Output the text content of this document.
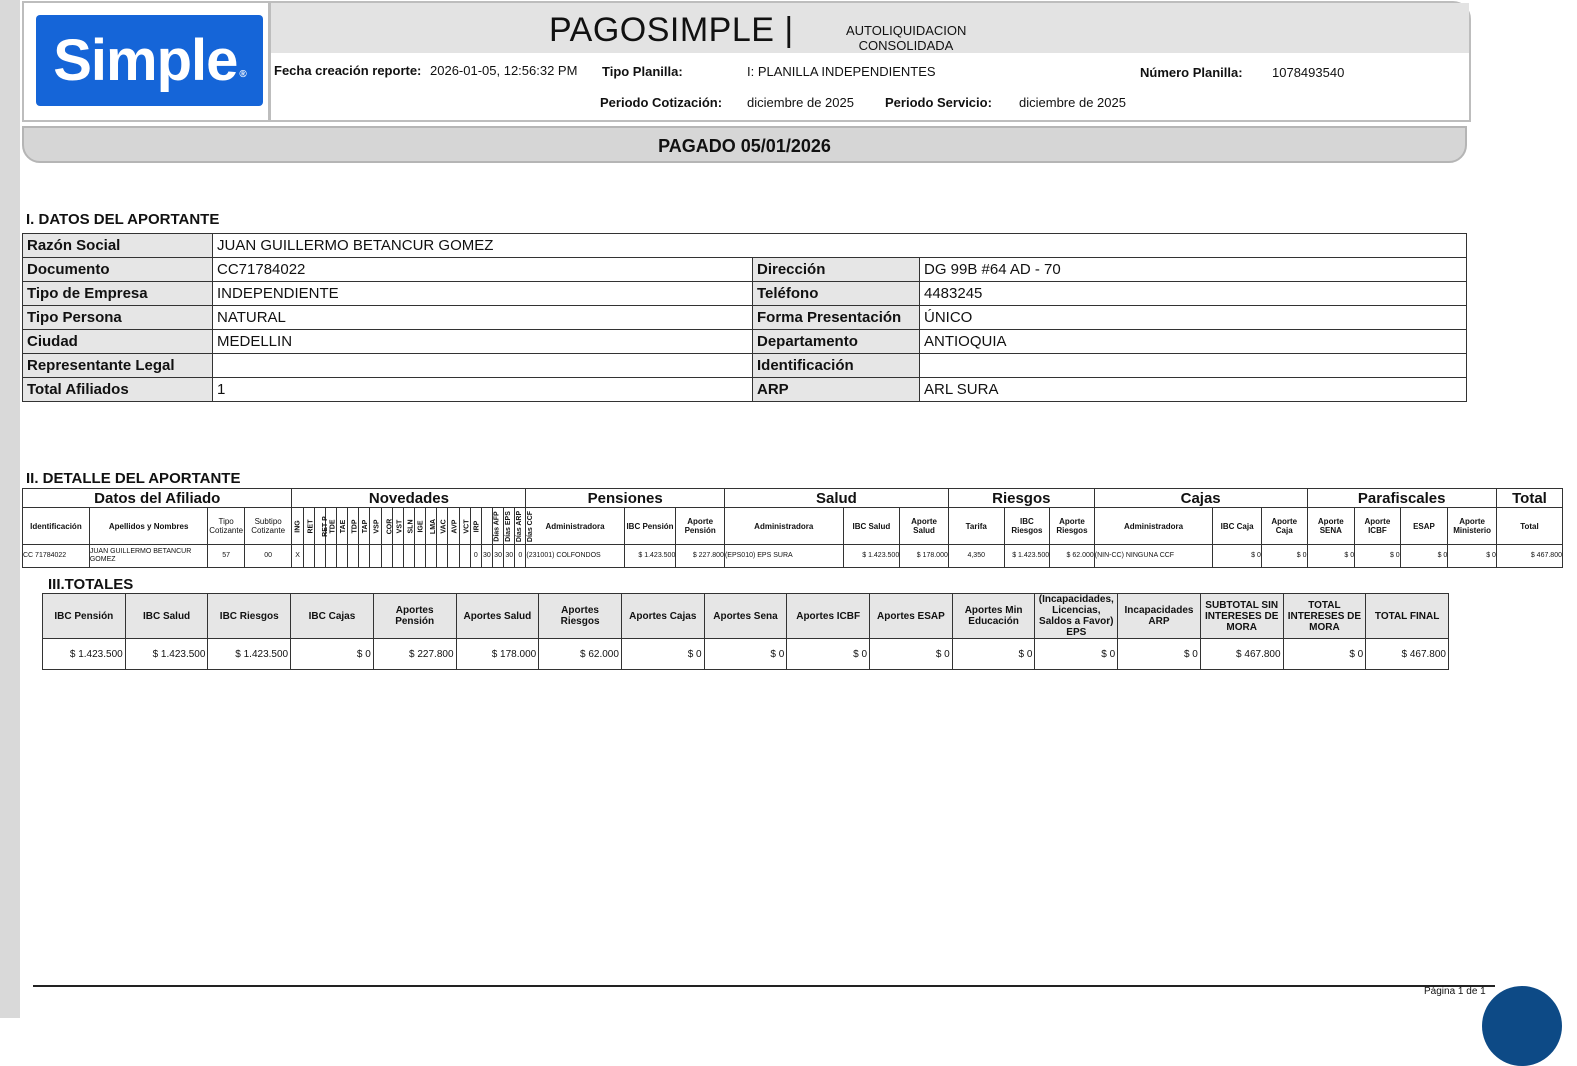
Simple ®
PAGOSIMPLE |	AUTOLIQUIDACION
CONSOLIDADA
Fecha creación reporte: 2026-01-05, 12:56:32 PM Tipo Planilla:	I: PLANILLA INDEPENDIENTES	Número Planilla: 1078493540
Periodo Cotización: diciembre de 2025 Periodo Servicio: diciembre de 2025
PAGADO 05/01/2026
I. DATOS DEL APORTANTE
Razón Social	JUAN GUILLERMO BETANCUR GOMEZ		
Documento	CC71784022	Dirección	DG 99B #64 AD - 70
Tipo de Empresa	INDEPENDIENTE	Teléfono	4483245
Tipo Persona	NATURAL	Forma Presentación	ÚNICO
Ciudad	MEDELLIN	Departamento	ANTIOQUIA
Representante Legal		Identificación	
Total Afiliados	1	ARP	ARL SURA
II. DETALLE DEL APORTANTE
Datos del Afiliado				Novedades																					Pensiones			Salud			Riesgos			Cajas			Parafiscales				Total
Identificación	Apellidos y Nombres	Tipo Cotizante	Subtipo Cotizante	ING	RET	RET P	TDE	TAE	TDP	TAP	VSP	COR	VST	SLN	IGE	LMA	VAC	AVP	VCT	IRP	Días AFP	Días EPS	Días ARP	Días CCF	Administradora	IBC Pensión	Aporte Pensión	Administradora	IBC Salud	Aporte Salud	Tarifa	IBC Riesgos	Aporte Riesgos	Administradora	IBC Caja	Aporte Caja	Aporte SENA	Aporte ICBF	ESAP	Aporte Ministerio	Total
CC 71784022	JUAN GUILLERMO BETANCUR GOMEZ	57	00	X																0	30	30	30	0	(231001) COLFONDOS	$ 1.423.500	$ 227.800	(EPS010) EPS SURA	$ 1.423.500	$ 178.000	4,350	$ 1.423.500	$ 62.000	(NIN-CC) NINGUNA CCF	$ 0	$ 0	$ 0	$ 0	$ 0	$ 0	$ 467.800
III.TOTALES
IBC Pensión	IBC Salud	IBC Riesgos	IBC Cajas	Aportes Pensión	Aportes Salud	Aportes Riesgos	Aportes Cajas	Aportes Sena	Aportes ICBF	Aportes ESAP	Aportes Min Educación	(Incapacidades, Licencias, Saldos a Favor) EPS	Incapacidades ARP	SUBTOTAL SIN INTERESES DE MORA	TOTAL INTERESES DE MORA	TOTAL FINAL
$ 1.423.500	$ 1.423.500	$ 1.423.500	$ 0	$ 227.800	$ 178.000	$ 62.000	$ 0	$ 0	$ 0	$ 0	$ 0	$ 0	$ 0	$ 467.800	$ 0	$ 467.800
Página 1 de 1
